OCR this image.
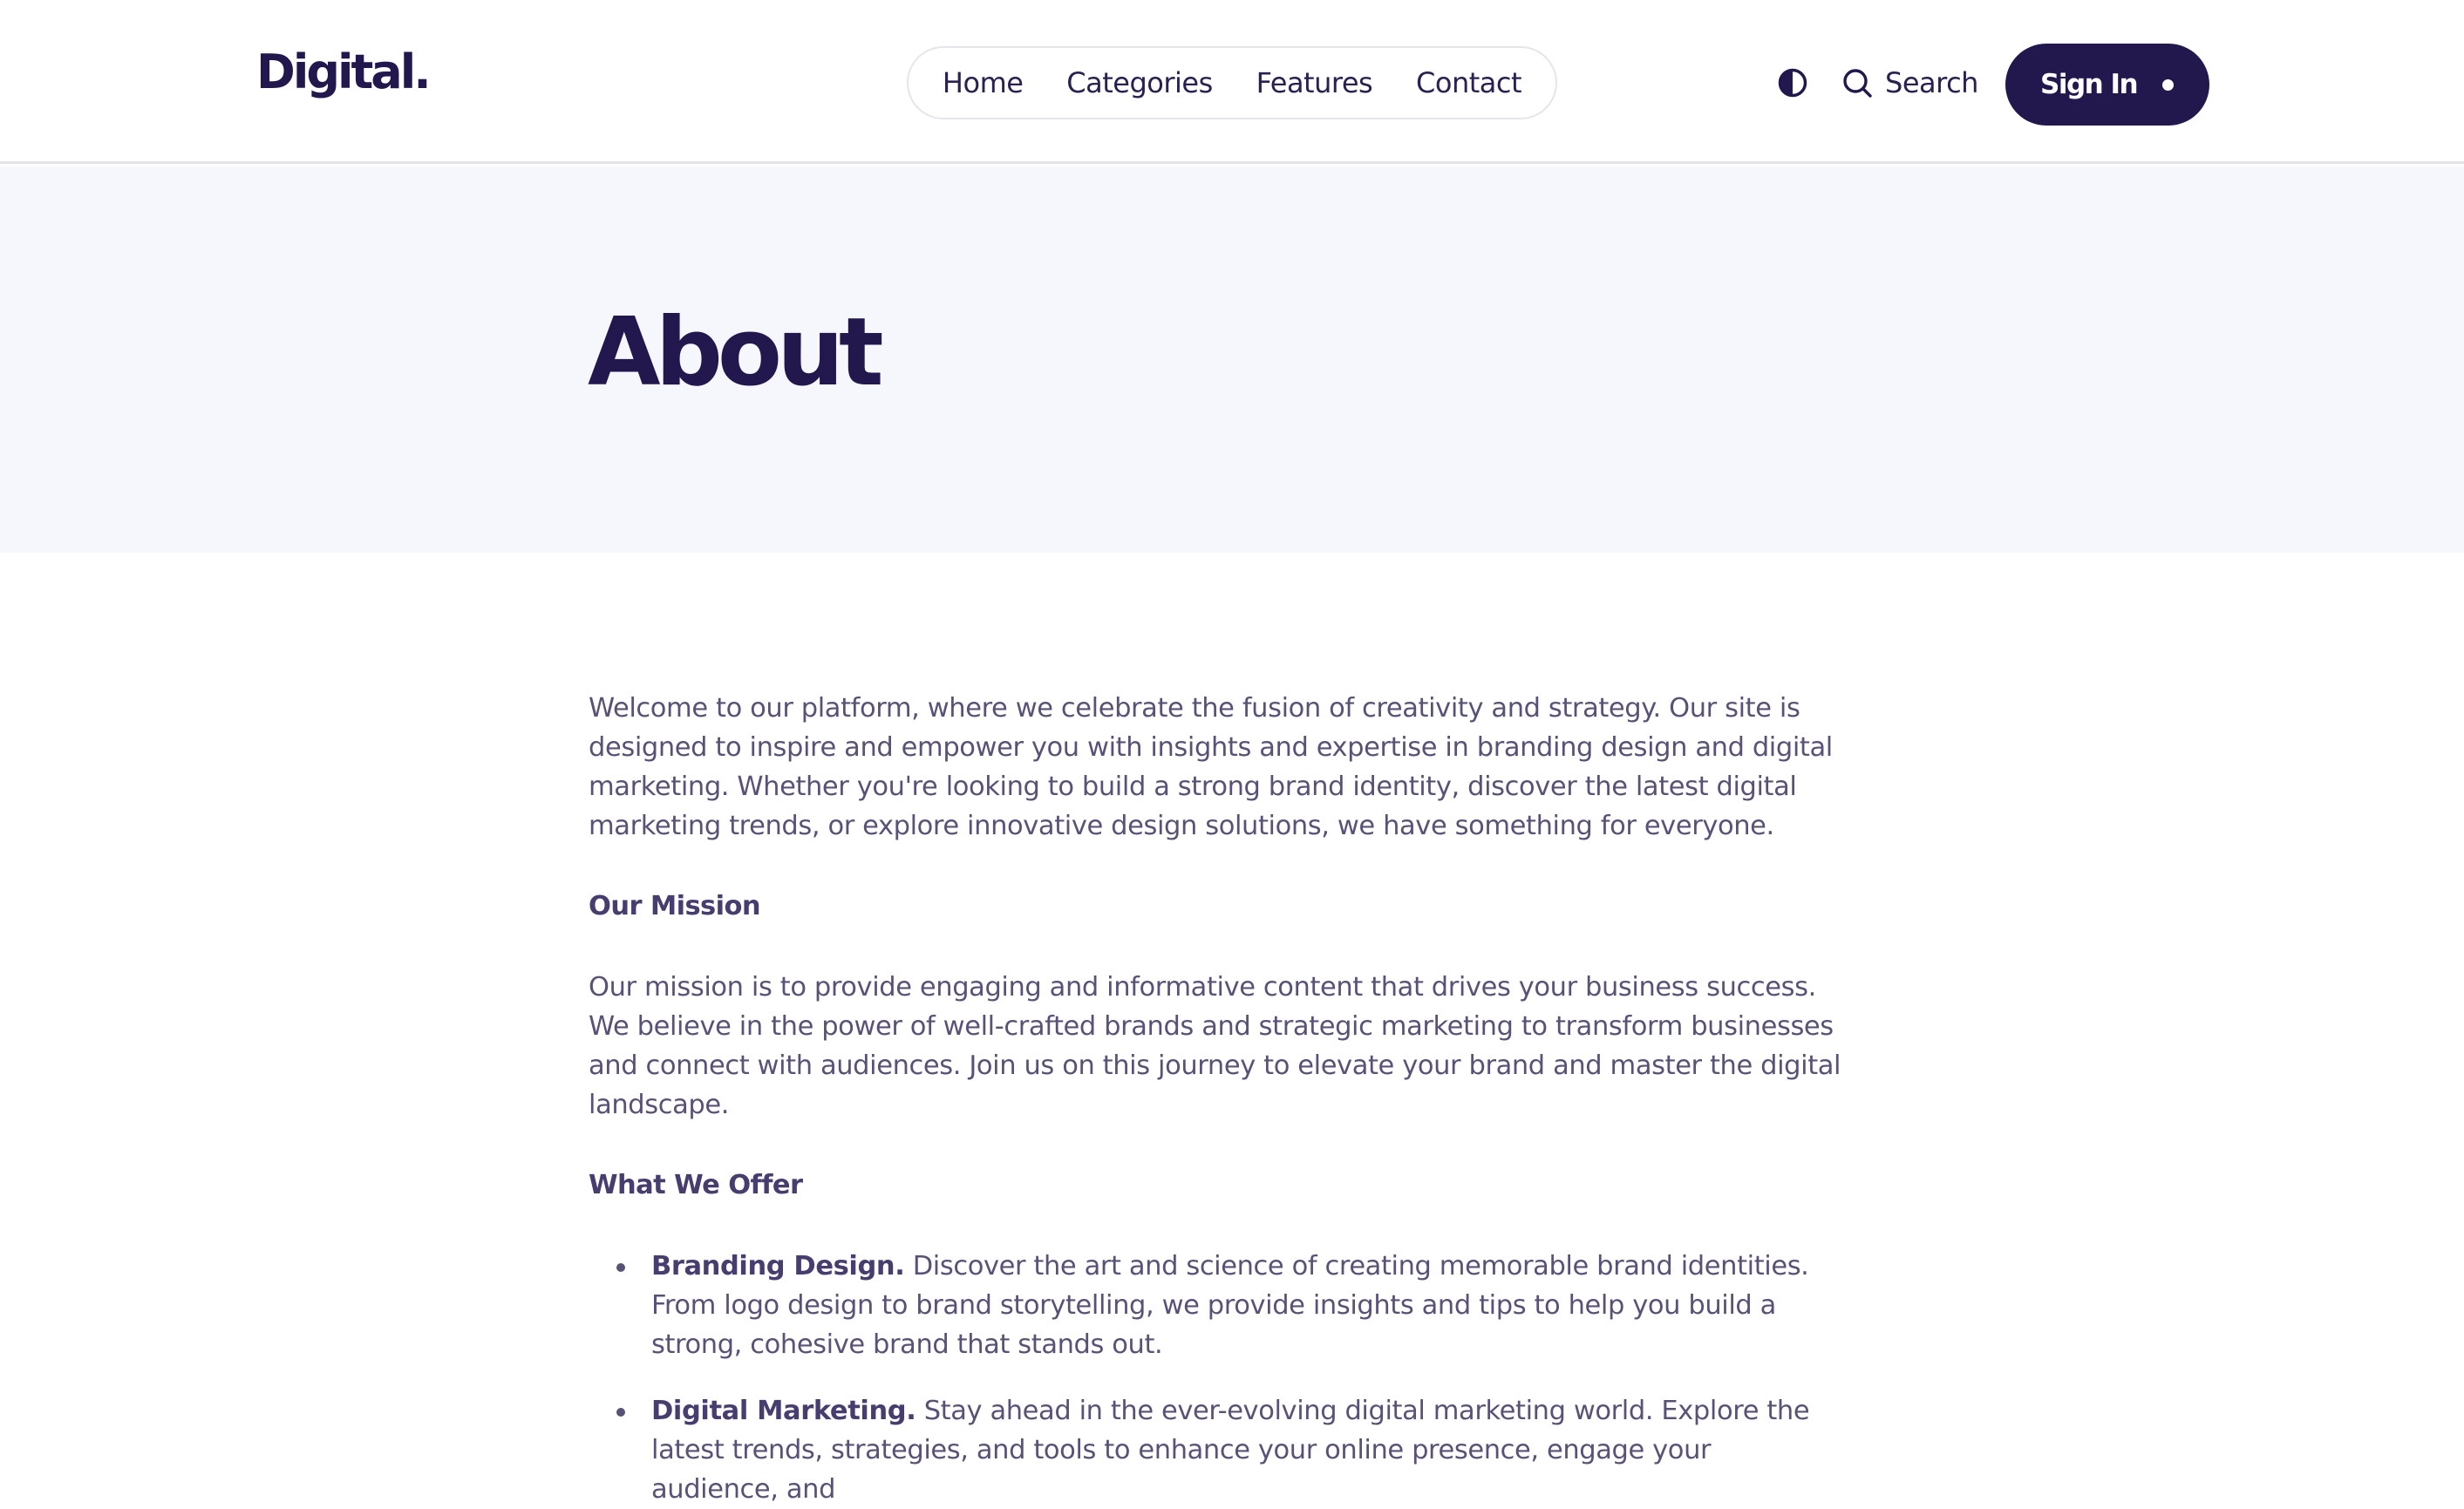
Digital.	Home Categories Features Contact	Search Sign In
About

Welcome to our platform, where we celebrate the fusion of creativity and strategy. Our site is designed to inspire and empower you with insights and expertise in branding design and digital marketing. Whether you're looking to build a strong brand identity, discover the latest digital marketing trends, or explore innovative design solutions, we have something for everyone.

Our Mission

Our mission is to provide engaging and informative content that drives your business success. We believe in the power of well-crafted brands and strategic marketing to transform businesses and connect with audiences. Join us on this journey to elevate your brand and master the digital landscape.

What We Offer
Branding Design. Discover the art and science of creating memorable brand identities. From logo design to brand storytelling, we provide insights and tips to help you build a strong, cohesive brand that stands out.
Digital Marketing. Stay ahead in the ever-evolving digital marketing world. Explore the latest trends, strategies, and tools to enhance your online presence, engage your audience, and
